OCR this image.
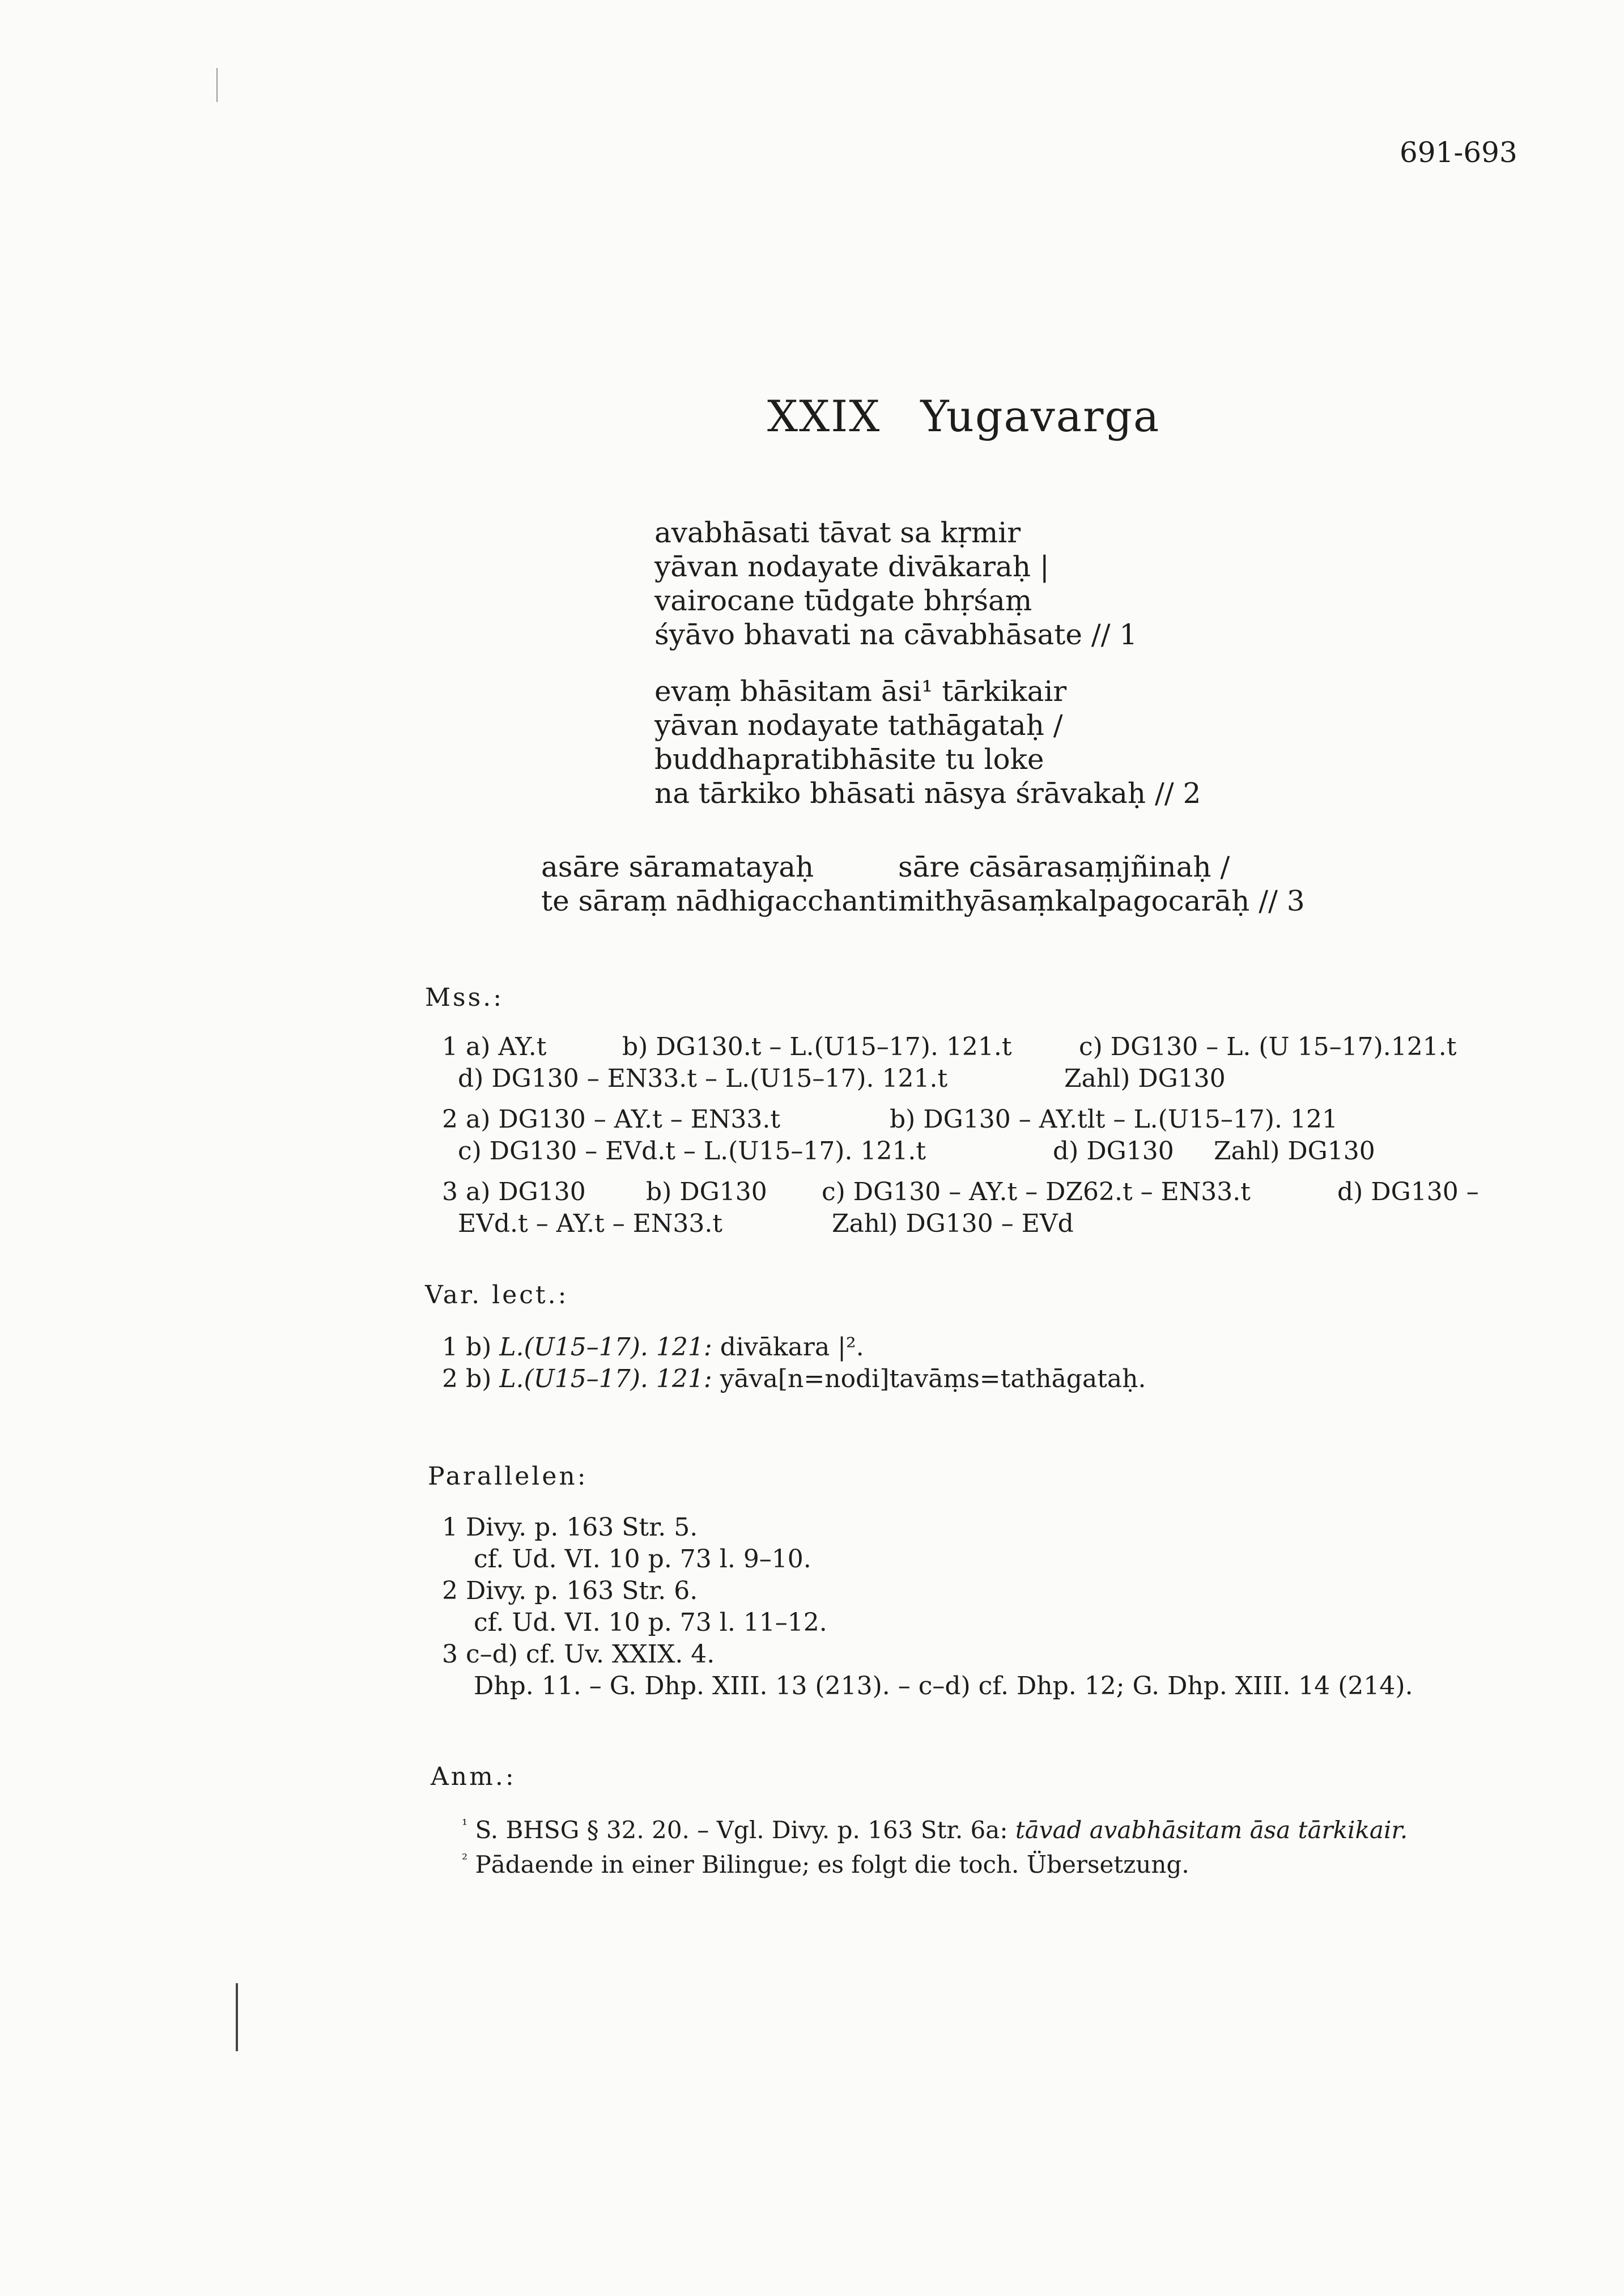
691-693
XXIX Yugavarga
avabhāsati tāvat sa kṛmir
yāvan nodayate divākaraḥ |
vairocane tūdgate bhṛśaṃ
śyāvo bhavati na cāvabhāsate // 1
evaṃ bhāsitam āsi¹ tārkikair
yāvan nodayate tathāgataḥ /
buddhapratibhāsite tu loke
na tārkiko bhāsati nāsya śrāvakaḥ // 2
asāre sāramatayaḥ	sāre cāsārasaṃjñinaḥ /
te sāraṃ nādhigacchantimithyāsaṃkalpagocarāḥ // 3
Mss.:
1 a) AY.t	b) DG130.t – L.(U15–17). 121.t	c) DG130 – L. (U 15–17).121.t
d) DG130 – EN33.t – L.(U15–17). 121.t	Zahl) DG130
2 a) DG130 – AY.t – EN33.t	b) DG130 – AY.tlt – L.(U15–17). 121
c) DG130 – EVd.t – L.(U15–17). 121.t	d) DG130 Zahl) DG130
3 a) DG130 b) DG130 c) DG130 – AY.t – DZ62.t – EN33.t	d) DG130 –
EVd.t – AY.t – EN33.t	Zahl) DG130 – EVd
Var. lect.:
1 b) L.(U15–17). 121: divākara |².
2 b) L.(U15–17). 121: yāva[n=nodi]tavāṃs=tathāgataḥ.
Parallelen:
1 Divy. p. 163 Str. 5.
cf. Ud. VI. 10 p. 73 l. 9–10.
2 Divy. p. 163 Str. 6.
cf. Ud. VI. 10 p. 73 l. 11–12.
3 c–d) cf. Uv. XXIX. 4.
Dhp. 11. – G. Dhp. XIII. 13 (213). – c–d) cf. Dhp. 12; G. Dhp. XIII. 14 (214).
Anm.:
$^{^1}$ S. BHSG § 32. 20. – Vgl. Divy. p. 163 Str. 6a: tāvad avabhāsitam āsa tārkikair.
$^{^2}$ Pādaende in einer Bilingue; es folgt die toch. Übersetzung.
